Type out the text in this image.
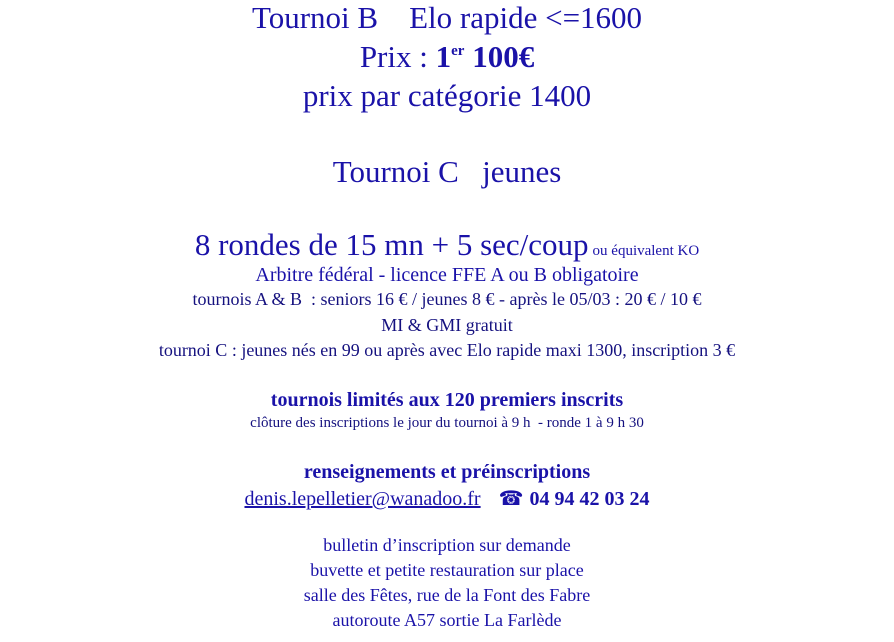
Tournoi B Elo rapide <=1600
Prix : 1er 100€
prix par catégorie 1400
Tournoi C jeunes
8 rondes de 15 mn + 5 sec/coup ou équivalent KO
Arbitre fédéral - licence FFE A ou B obligatoire
tournois A & B  : seniors 16 € / jeunes 8 € - après le 05/03 : 20 € / 10 €
MI & GMI gratuit
tournoi C : jeunes nés en 99 ou après avec Elo rapide maxi 1300, inscription 3 €
tournois limités aux 120 premiers inscrits
clôture des inscriptions le jour du tournoi à 9 h  - ronde 1 à 9 h 30
renseignements et préinscriptions
denis.lepelletier@wanadoo.fr ☎ 04 94 42 03 24
bulletin d’inscription sur demande
buvette et petite restauration sur place
salle des Fêtes, rue de la Font des Fabre
autoroute A57 sortie La Farlède
